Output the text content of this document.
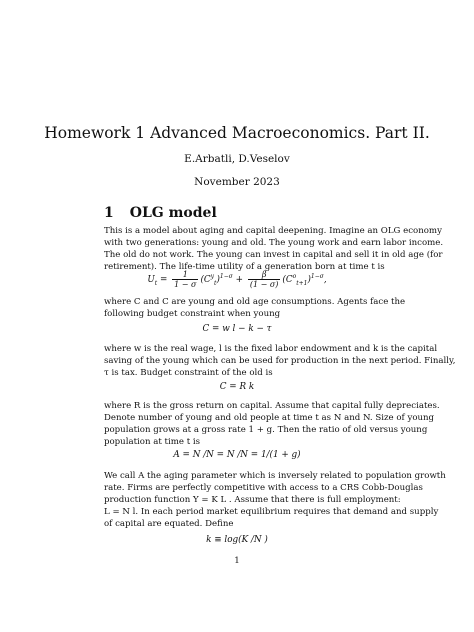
Homework 1 Advanced Macroeconomics. Part II.
E.Arbatli, D.Veselov
November 2023
1 OLG model
This is a model about aging and capital deepening. Imagine an OLG economy
with two generations: young and old. The young work and earn labor income.
The old do not work. The young can invest in capital and sell it in old age (for
retirement). The life-time utility of a generation born at time t is
$U_t = \frac{1}{1 - \sigma} (C^y_t)^{1-\sigma} + \frac{\beta}{(1 - \sigma)} (C^o_{t+1})^{1-\sigma}$,
where C and C are young and old age consumptions. Agents face the
following budget constraint when young
C = w l − k − τ
where w is the real wage, l is the fixed labor endowment and k is the capital
saving of the young which can be used for production in the next period. Finally,
τ is tax. Budget constraint of the old is
C = R k
where R is the gross return on capital. Assume that capital fully depreciates.
Denote number of young and old people at time t as N and N. Size of young
population grows at a gross rate 1 + g. Then the ratio of old versus young
population at time t is
A = N /N = N /N = 1/(1 + g)
We call A the aging parameter which is inversely related to population growth
rate. Firms are perfectly competitive with access to a CRS Cobb-Douglas
production function Y = K L . Assume that there is full employment:
L = N l. In each period market equilibrium requires that demand and supply
of capital are equated. Define
k ≡ log(K /N )
1
